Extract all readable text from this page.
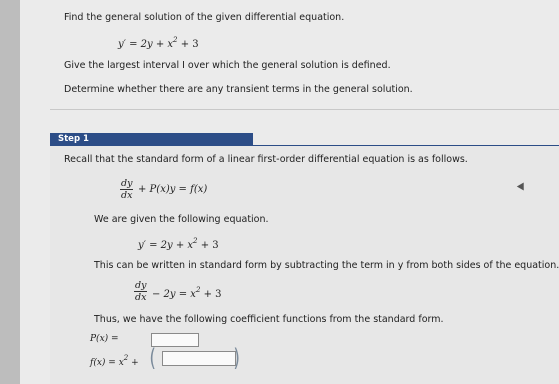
Find the general solution of the given differential equation.
$y' = 2y + x^2 + 3$
Give the largest interval I over which the general solution is defined.
Determine whether there are any transient terms in the general solution.
Step 1
Recall that the standard form of a linear first-order differential equation is as follows.
$\frac{dy}{dx} + P(x)y = f(x)$
We are given the following equation.
$y' = 2y + x^2 + 3$
This can be written in standard form by subtracting the term in y from both sides of the equation.
$\frac{dy}{dx} - 2y = x^2 + 3$
Thus, we have the following coefficient functions from the standard form.
P(x) =
$f(x) = x^2$ + (	)
